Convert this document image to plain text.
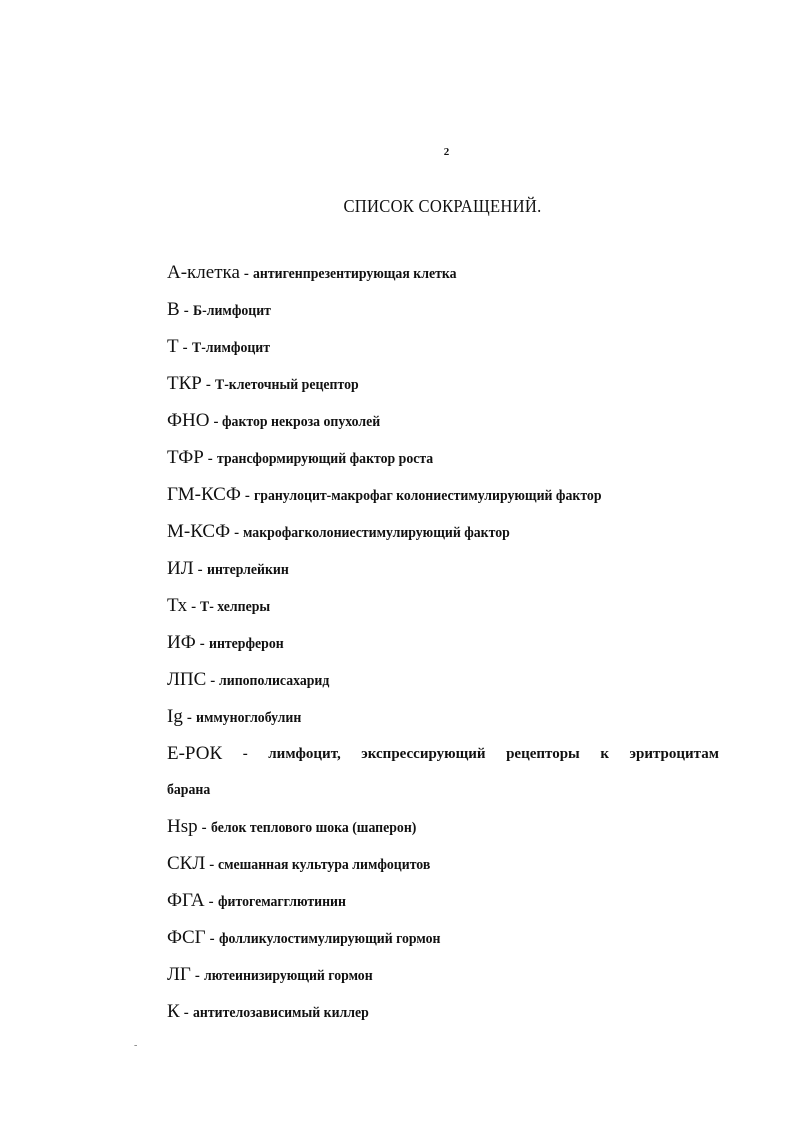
2
СПИСОК СОКРАЩЕНИЙ.
А-клетка - антигенпрезентирующая клетка
В - Б-лимфоцит
Т - Т-лимфоцит
ТКР - Т-клеточный рецептор
ФНО - фактор некроза опухолей
ТФР - трансформирующий фактор роста
ГМ-КСФ - гранулоцит-макрофаг колониестимулирующий фактор
М-КСФ - макрофагколониестимулирующий фактор
ИЛ - интерлейкин
Тх - Т- хелперы
ИФ - интерферон
ЛПС - липополисахарид
Ig - иммуноглобулин
Е-РОК - лимфоцит, экспрессирующий рецепторы к эритроцитам
барана
Hsp - белок теплового шока (шаперон)
СКЛ - смешанная культура лимфоцитов
ФГА - фитогемагглютинин
ФСГ - фолликулостимулирующий гормон
ЛГ - лютеинизирующий гормон
К - антителозависимый киллер
-
